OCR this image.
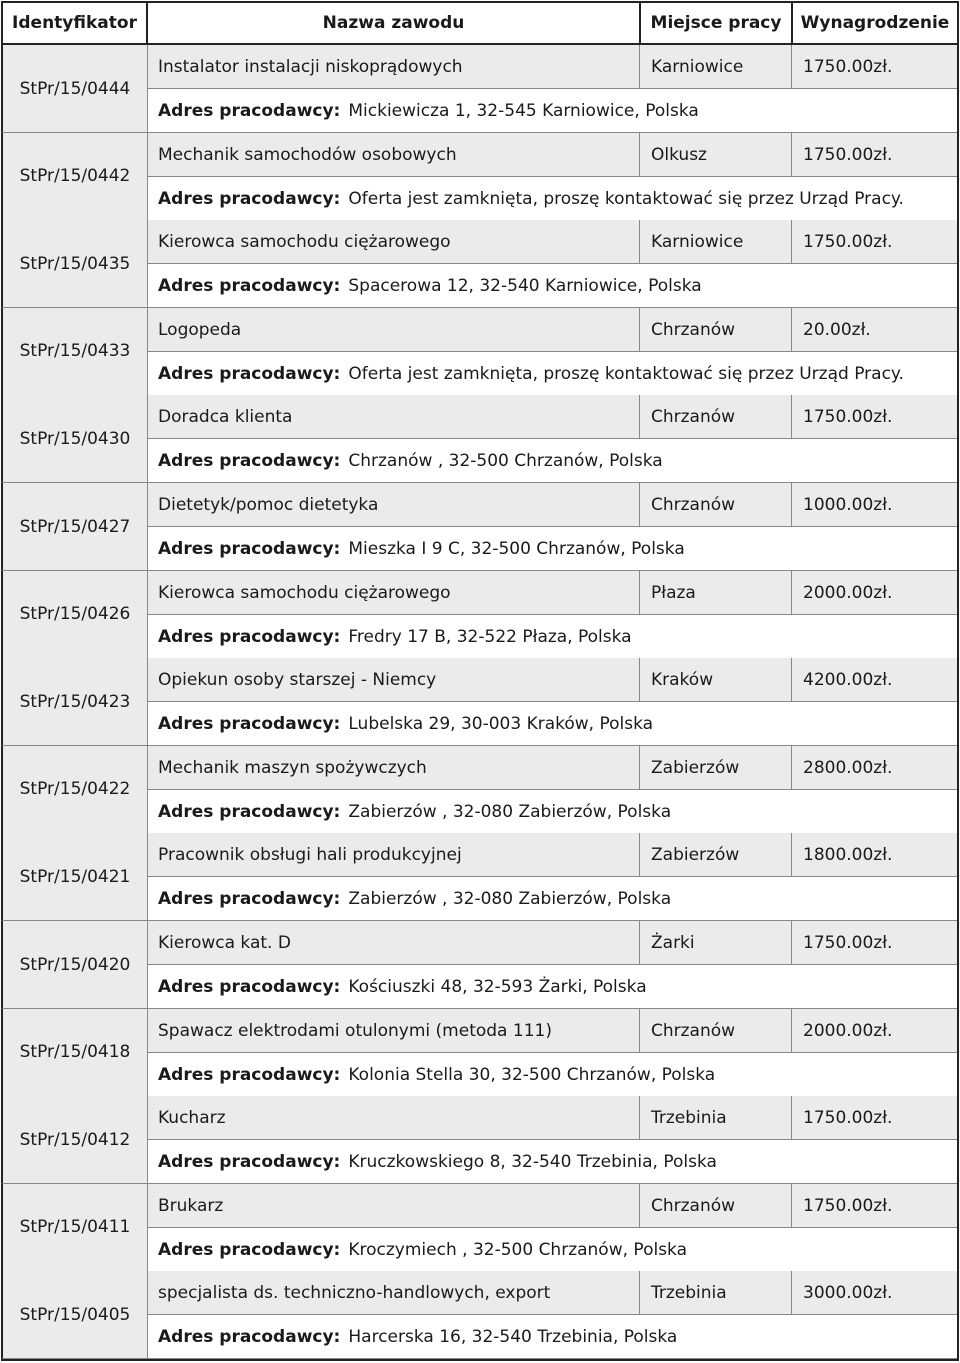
Identyfikator	Nazwa zawodu	Miejsce pracy	Wynagrodzenie
StPr/15/0444
Instalator instalacji niskoprądowych	Karniowice	1750.00zł.
Adres pracodawcy: Mickiewicza 1, 32-545 Karniowice, Polska
StPr/15/0442
Mechanik samochodów osobowych	Olkusz	1750.00zł.
Adres pracodawcy: Oferta jest zamknięta, proszę kontaktować się przez Urząd Pracy.
StPr/15/0435
Kierowca samochodu ciężarowego	Karniowice	1750.00zł.
Adres pracodawcy: Spacerowa 12, 32-540 Karniowice, Polska
StPr/15/0433
Logopeda	Chrzanów	20.00zł.
Adres pracodawcy: Oferta jest zamknięta, proszę kontaktować się przez Urząd Pracy.
StPr/15/0430
Doradca klienta	Chrzanów	1750.00zł.
Adres pracodawcy: Chrzanów , 32-500 Chrzanów, Polska
StPr/15/0427
Dietetyk/pomoc dietetyka	Chrzanów	1000.00zł.
Adres pracodawcy: Mieszka I 9 C, 32-500 Chrzanów, Polska
StPr/15/0426
Kierowca samochodu ciężarowego	Płaza	2000.00zł.
Adres pracodawcy: Fredry 17 B, 32-522 Płaza, Polska
StPr/15/0423
Opiekun osoby starszej - Niemcy	Kraków	4200.00zł.
Adres pracodawcy: Lubelska 29, 30-003 Kraków, Polska
StPr/15/0422
Mechanik maszyn spożywczych	Zabierzów	2800.00zł.
Adres pracodawcy: Zabierzów , 32-080 Zabierzów, Polska
StPr/15/0421
Pracownik obsługi hali produkcyjnej	Zabierzów	1800.00zł.
Adres pracodawcy: Zabierzów , 32-080 Zabierzów, Polska
StPr/15/0420
Kierowca kat. D	Żarki	1750.00zł.
Adres pracodawcy: Kościuszki 48, 32-593 Żarki, Polska
StPr/15/0418
Spawacz elektrodami otulonymi (metoda 111)	Chrzanów	2000.00zł.
Adres pracodawcy: Kolonia Stella 30, 32-500 Chrzanów, Polska
StPr/15/0412
Kucharz	Trzebinia	1750.00zł.
Adres pracodawcy: Kruczkowskiego 8, 32-540 Trzebinia, Polska
StPr/15/0411
Brukarz	Chrzanów	1750.00zł.
Adres pracodawcy: Kroczymiech , 32-500 Chrzanów, Polska
StPr/15/0405
specjalista ds. techniczno-handlowych, export	Trzebinia	3000.00zł.
Adres pracodawcy: Harcerska 16, 32-540 Trzebinia, Polska
